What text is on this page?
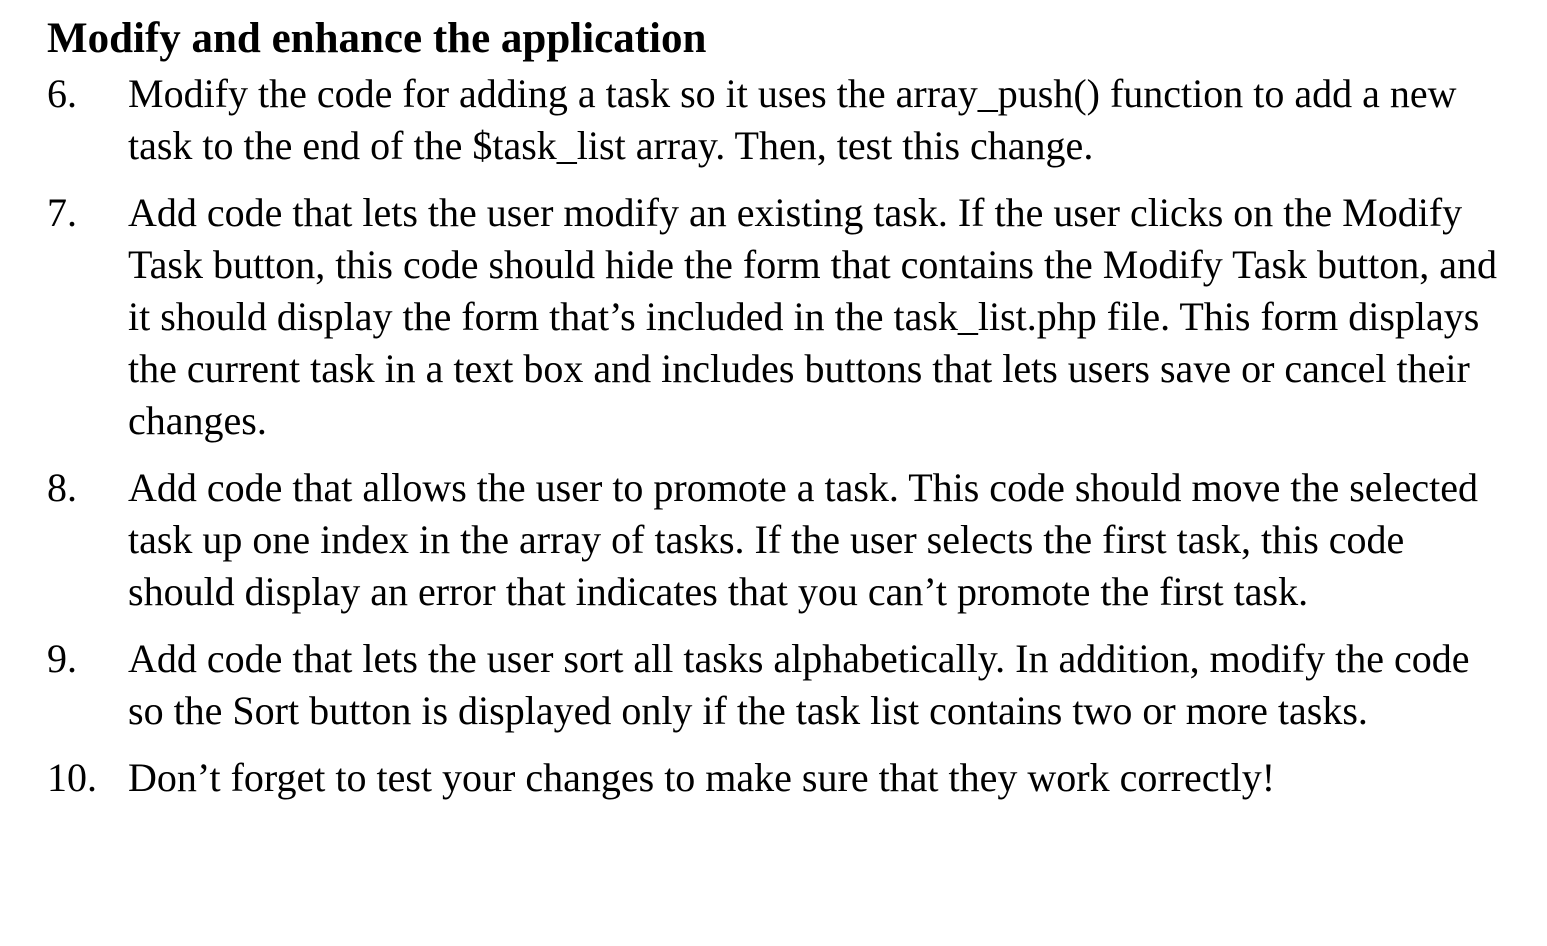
Modify and enhance the application
6.	Modify the code for adding a task so it uses the array_push() function to add a new task to the end of the $task_list array. Then, test this change.
7.	Add code that lets the user modify an existing task. If the user clicks on the Modify Task button, this code should hide the form that contains the Modify Task button, and it should display the form that’s included in the task_list.php file. This form displays the current task in a text box and includes buttons that lets users save or cancel their changes.
8.	Add code that allows the user to promote a task. This code should move the selected task up one index in the array of tasks. If the user selects the first task, this code should display an error that indicates that you can’t promote the first task.
9.	Add code that lets the user sort all tasks alphabetically. In addition, modify the code so the Sort button is displayed only if the task list contains two or more tasks.
10. Don’t forget to test your changes to make sure that they work correctly!
